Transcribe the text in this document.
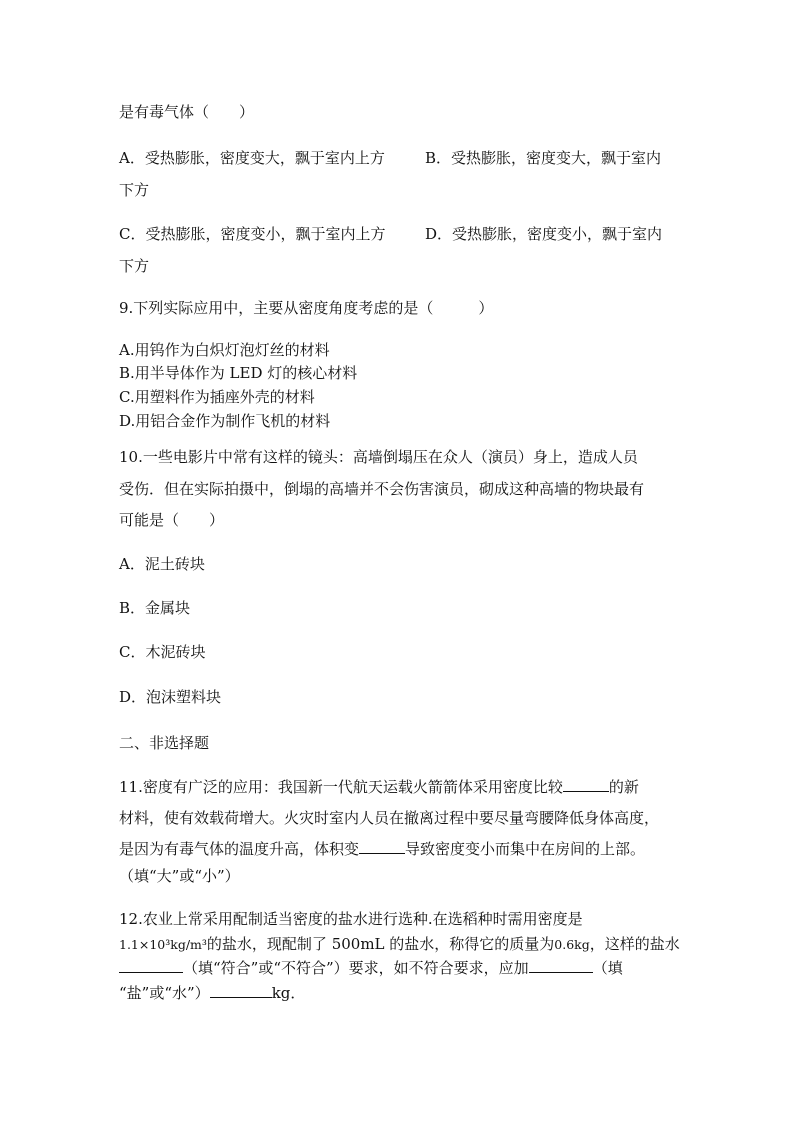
是有毒气体（　　）
A．受热膨胀，密度变大，飘于室内上方	B．受热膨胀，密度变大，飘于室内
下方
C．受热膨胀，密度变小，飘于室内上方	D．受热膨胀，密度变小，飘于室内
下方
9.下列实际应用中，主要从密度角度考虑的是（　　　）
A.用钨作为白炽灯泡灯丝的材料
B.用半导体作为 LED 灯的核心材料
C.用塑料作为插座外壳的材料
D.用铝合金作为制作飞机的材料
10.一些电影片中常有这样的镜头：高墙倒塌压在众人（演员）身上，造成人员
受伤．但在实际拍摄中，倒塌的高墙并不会伤害演员，砌成这种高墙的物块最有
可能是（　　）
A．泥土砖块
B．金属块
C．木泥砖块
D．泡沫塑料块
二、非选择题
11.密度有广泛的应用：我国新一代航天运载火箭箭体采用密度比较	的新
材料，使有效载荷增大。火灾时室内人员在撤离过程中要尽量弯腰降低身体高度，
是因为有毒气体的温度升高，体积变	导致密度变小而集中在房间的上部。
（填“大”或“小”）
12.农业上常采用配制适当密度的盐水进行选种.在选稻种时需用密度是
1.1×10³kg/m³的盐水，现配制了 500mL 的盐水，称得它的质量为0.6kg，这样的盐水
（填“符合”或“不符合”）要求，如不符合要求，应加	（填
“盐”或“水”）	kg．
